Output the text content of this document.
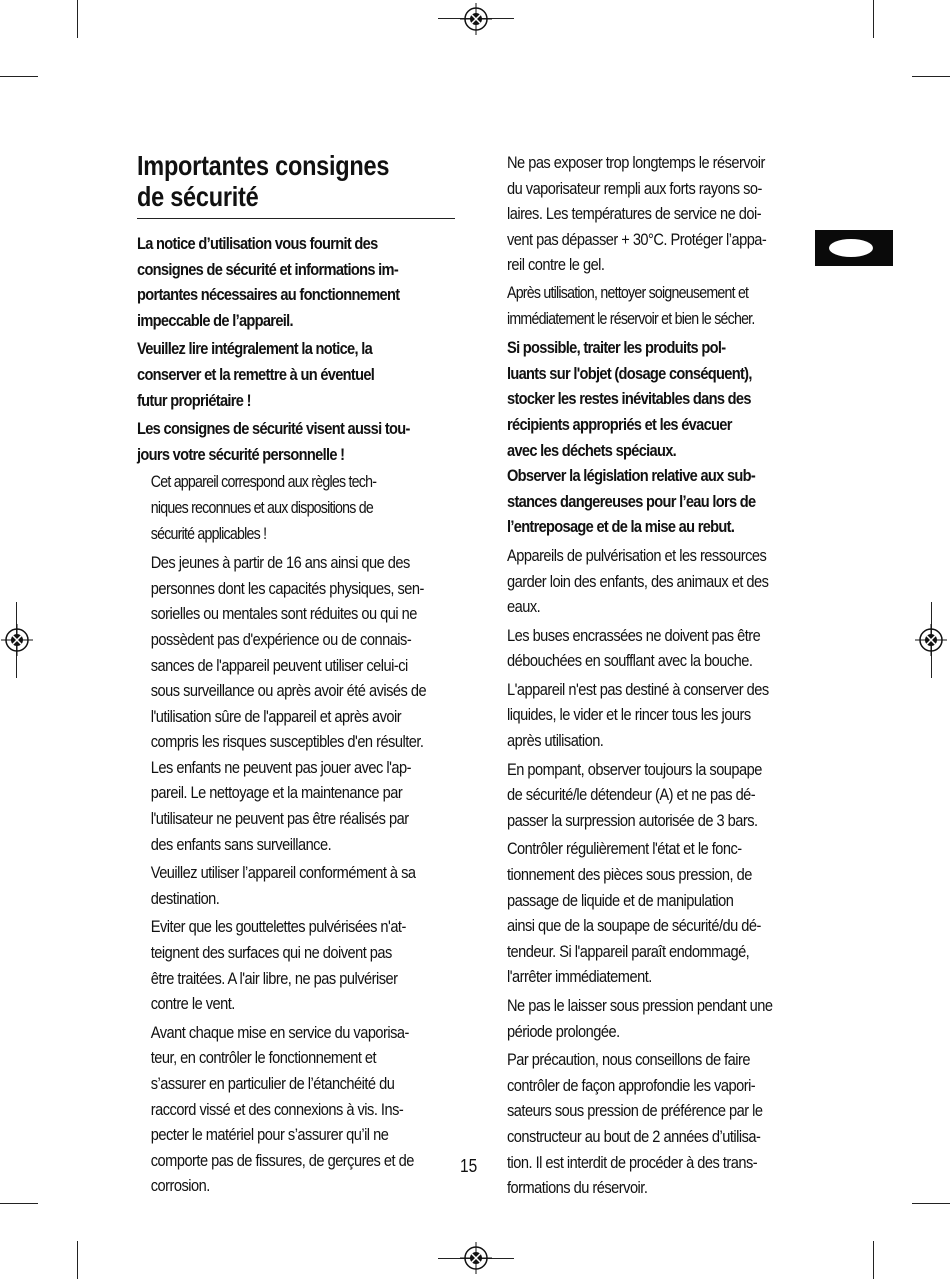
Importantes consignes
de sécurité
La notice d’utilisation vous fournit des
consignes de sécurité et informations im-
portantes nécessaires au fonctionnement
impeccable de l’appareil.
Veuillez lire intégralement la notice, la
conserver et la remettre à un éventuel
futur propriétaire !
Les consignes de sécurité visent aussi tou-
jours votre sécurité personnelle !
Cet appareil correspond aux règles tech-
niques reconnues et aux dispositions de
sécurité applicables !
Des jeunes à partir de 16 ans ainsi que des
personnes dont les capacités physiques, sen-
sorielles ou mentales sont réduites ou qui ne
possèdent pas d'expérience ou de connais-
sances de l'appareil peuvent utiliser celui-ci
sous surveillance ou après avoir été avisés de
l'utilisation sûre de l'appareil et après avoir
compris les risques susceptibles d'en résulter.
Les enfants ne peuvent pas jouer avec l'ap-
pareil. Le nettoyage et la maintenance par
l'utilisateur ne peuvent pas être réalisés par
des enfants sans surveillance.
Veuillez utiliser l’appareil conformément à sa
destination.
Eviter que les gouttelettes pulvérisées n'at-
teignent des surfaces qui ne doivent pas
être traitées. A l'air libre, ne pas pulvériser
contre le vent.
Avant chaque mise en service du vaporisa-
teur, en contrôler le fonctionnement et
s’assurer en particulier de l’étanchéité du
raccord vissé et des connexions à vis. Ins-
pecter le matériel pour s’assurer qu’il ne
comporte pas de fissures, de gerçures et de
corrosion.
Ne pas exposer trop longtemps le réservoir
du vaporisateur rempli aux forts rayons so-
laires. Les températures de service ne doi-
vent pas dépasser + 30°C. Protéger l’appa-
reil contre le gel.
Après utilisation, nettoyer soigneusement et
immédiatement le réservoir et bien le sécher.
Si possible, traiter les produits pol-
luants sur l'objet (dosage conséquent),
stocker les restes inévitables dans des
récipients appropriés et les évacuer
avec les déchets spéciaux.
Observer la législation relative aux sub-
stances dangereuses pour l’eau lors de
l’entreposage et de la mise au rebut.
Appareils de pulvérisation et les ressources
garder loin des enfants, des animaux et des
eaux.
Les buses encrassées ne doivent pas être
débouchées en soufflant avec la bouche.
L'appareil n'est pas destiné à conserver des
liquides, le vider et le rincer tous les jours
après utilisation.
En pompant, observer toujours la soupape
de sécurité/le détendeur (A) et ne pas dé-
passer la surpression autorisée de 3 bars.
Contrôler régulièrement l'état et le fonc-
tionnement des pièces sous pression, de
passage de liquide et de manipulation
ainsi que de la soupape de sécurité/du dé-
tendeur. Si l'appareil paraît endommagé,
l'arrêter immédiatement.
Ne pas le laisser sous pression pendant une
période prolongée.
Par précaution, nous conseillons de faire
contrôler de façon approfondie les vapori-
sateurs sous pression de préférence par le
constructeur au bout de 2 années d’utilisa-
tion. Il est interdit de procéder à des trans-
formations du réservoir.
15
